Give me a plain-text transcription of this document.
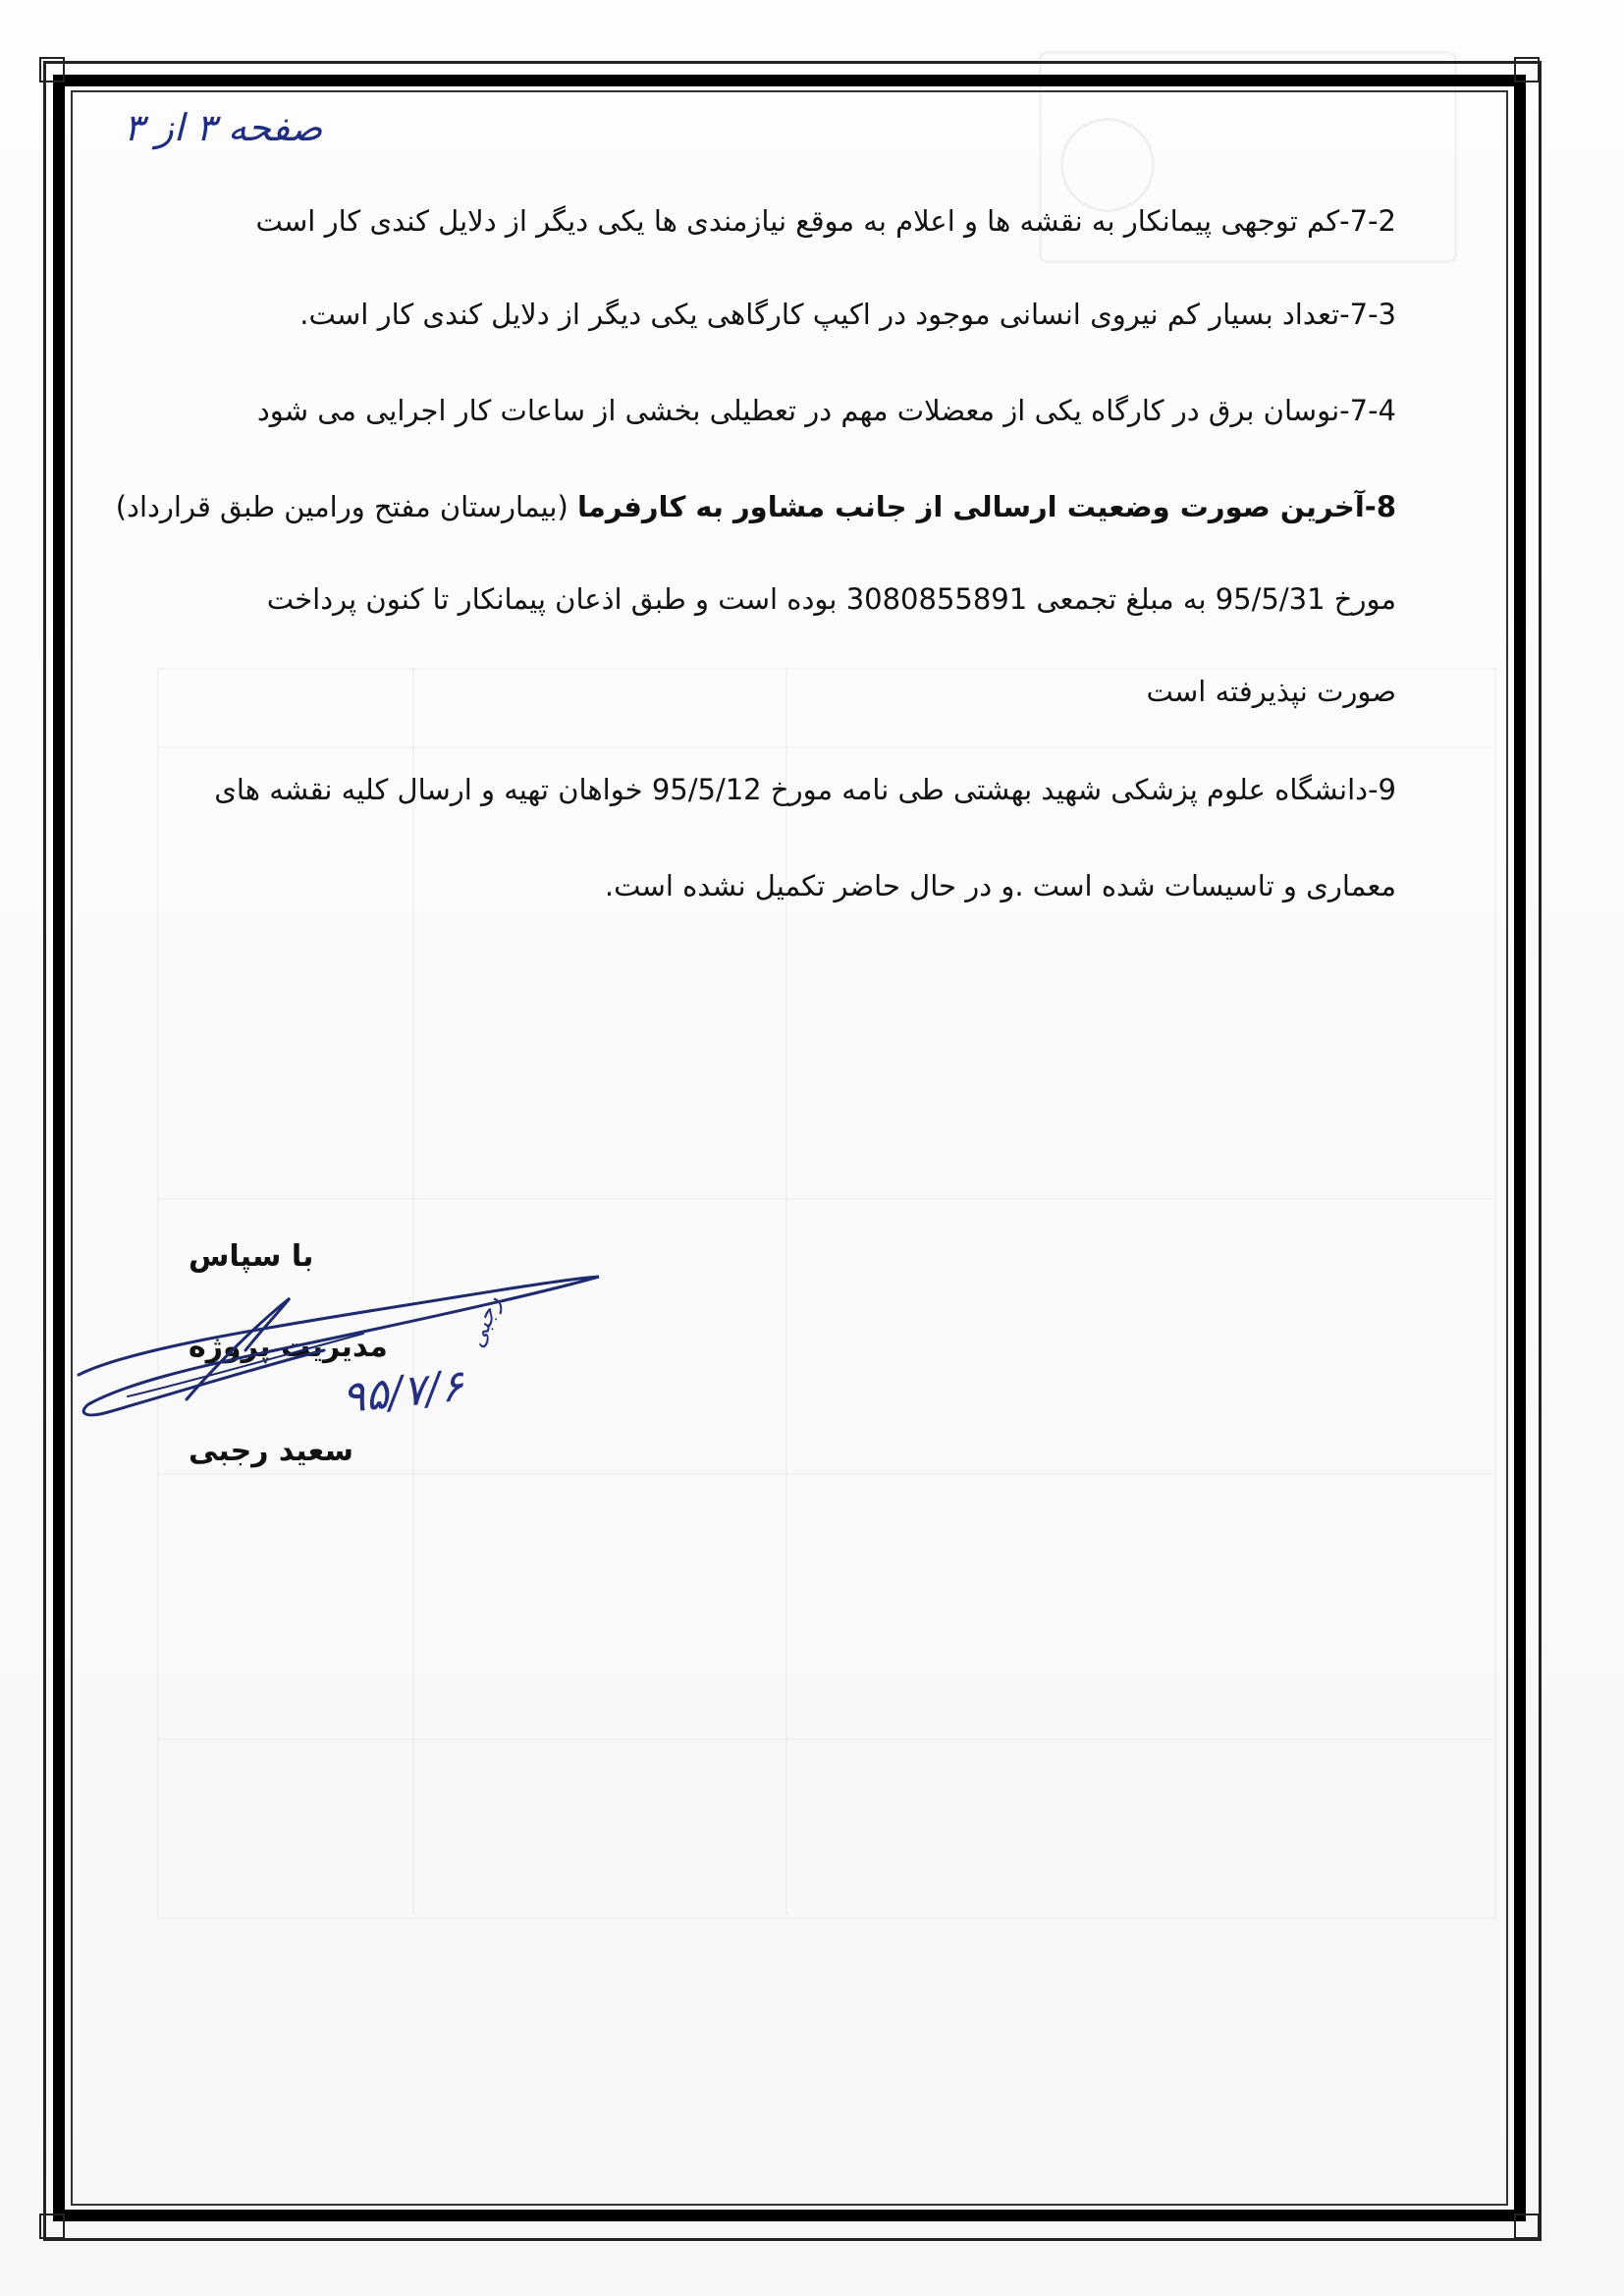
صفحه ۳ از ۳
7-2-کم توجهی پیمانکار به نقشه ها و اعلام به موقع نیازمندی ها یکی دیگر از دلایل کندی کار است
7-3-تعداد بسیار کم نیروی انسانی موجود در اکیپ کارگاهی یکی دیگر از دلایل کندی کار است.
7-4-نوسان برق در کارگاه یکی از معضلات مهم در تعطیلی بخشی از ساعات کار اجرایی می شود
8-آخرین صورت وضعیت ارسالی از جانب مشاور به کارفرما (بیمارستان مفتح ورامین طبق قرارداد)
مورخ 95/5/31 به مبلغ تجمعی 3080855891 بوده است و طبق اذعان پیمانکار تا کنون پرداخت
صورت نپذیرفته است
9-دانشگاه علوم پزشکی شهید بهشتی طی نامه مورخ 95/5/12 خواهان تهیه و ارسال کلیه نقشه های
معماری و تاسیسات شده است .و در حال حاضر تکمیل نشده است.
با سپاس
مدیریت پروژه
سعید رجبی
۹۵/۷/۶
رجبی
